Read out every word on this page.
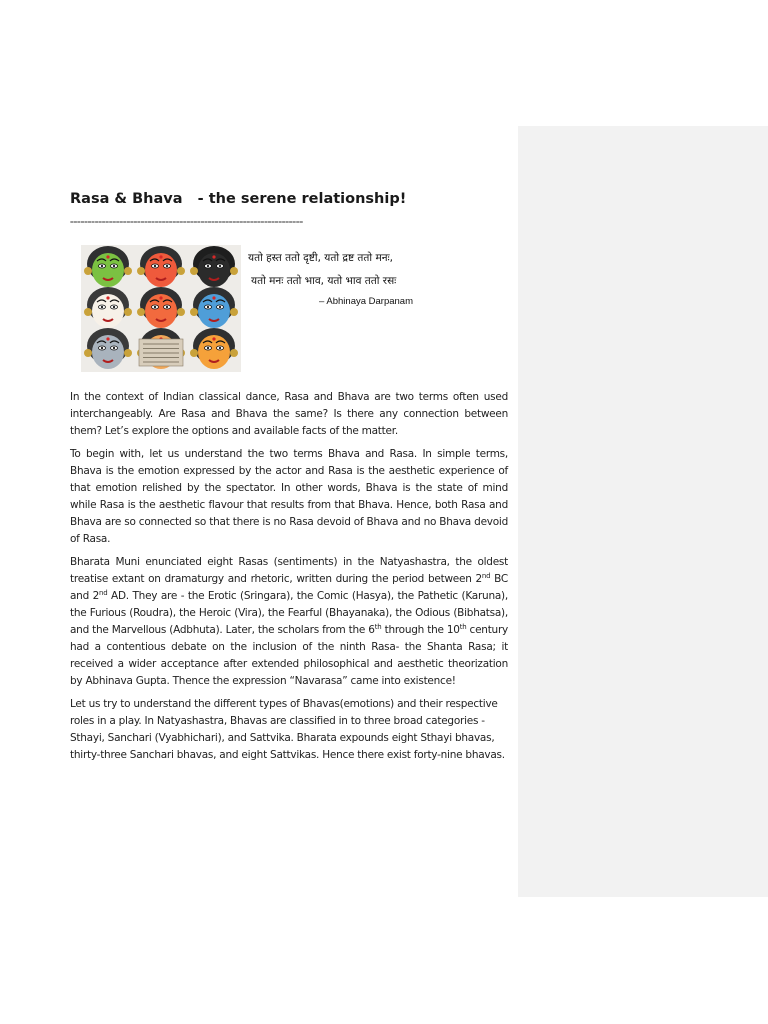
Rasa & Bhava   - the serene relationship!
==================================================================
यतो हस्त ततो दृष्टी, यतो द्रष्ट ततो मनः,
यतो मनः ततो भाव, यतो भाव ततो रसः
– Abhinaya Darpanam

In the context of Indian classical dance, Rasa and Bhava are two terms often used interchangeably. Are Rasa and Bhava the same? Is there any connection between them? Let’s explore the options and available facts of the matter.

To begin with, let us understand the two terms Bhava and Rasa. In simple terms, Bhava is the emotion expressed by the actor and Rasa is the aesthetic experience of that emotion relished by the spectator. In other words, Bhava is the state of mind while Rasa is the aesthetic flavour that results from that Bhava. Hence, both Rasa and Bhava are so connected so that there is no Rasa devoid of Bhava and no Bhava devoid of Rasa.

Bharata Muni enunciated eight Rasas (sentiments) in the Natyashastra, the oldest treatise extant on dramaturgy and rhetoric, written during the period between 2nd BC and 2nd AD. They are - the Erotic (Sringara), the Comic (Hasya), the Pathetic (Karuna), the Furious (Roudra), the Heroic (Vira), the Fearful (Bhayanaka), the Odious (Bibhatsa), and the Marvellous (Adbhuta). Later, the scholars from the 6th through the 10th century had a contentious debate on the inclusion of the ninth Rasa- the Shanta Rasa; it received a wider acceptance after extended philosophical and aesthetic theorization by Abhinava Gupta. Thence the expression “Navarasa” came into existence!

Let us try to understand the different types of Bhavas(emotions) and their respective roles in a play. In Natyashastra, Bhavas are classified in to three broad categories - Sthayi, Sanchari (Vyabhichari), and Sattvika. Bharata expounds eight Sthayi bhavas, thirty-three Sanchari bhavas, and eight Sattvikas. Hence there exist forty-nine bhavas.
